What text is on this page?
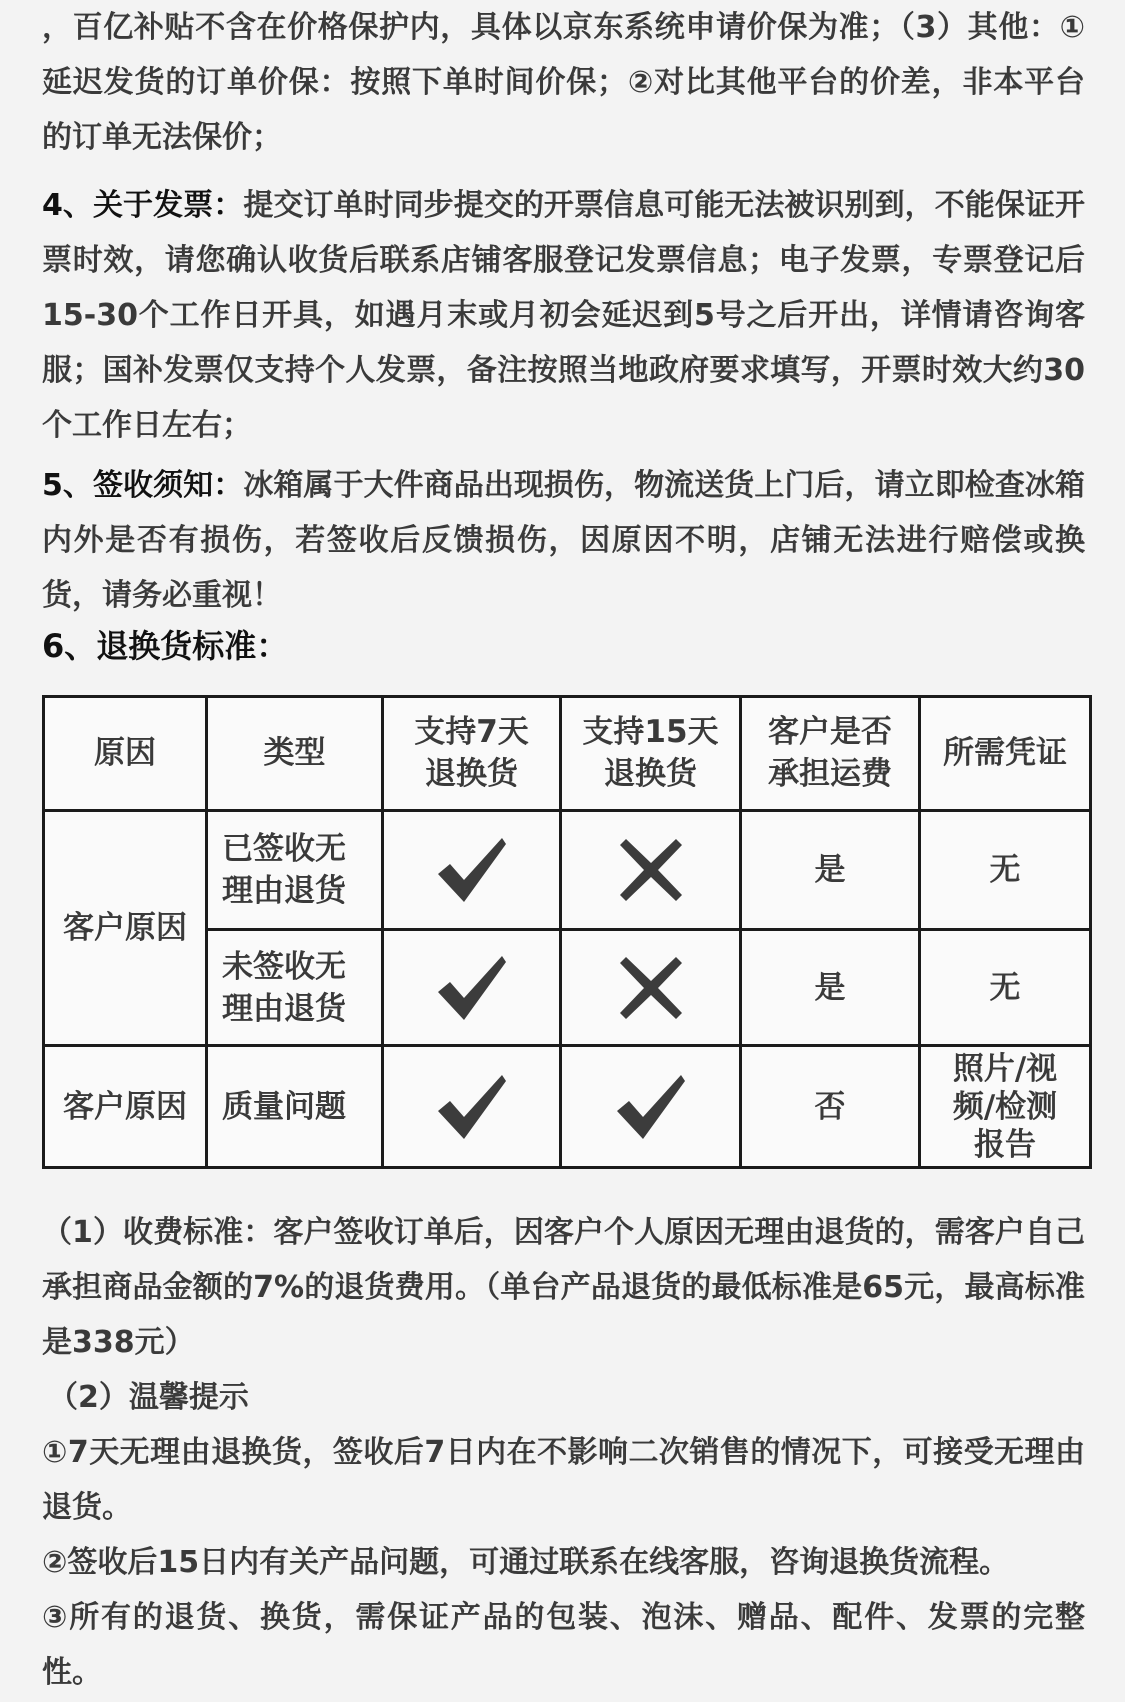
，百亿补贴不含在价格保护内，具体以京东系统申请价保为准；（3）其他：①延迟发货的订单价保：按照下单时间价保；②对比其他平台的价差，非本平台的订单无法保价；

4、关于发票：提交订单时同步提交的开票信息可能无法被识别到，不能保证开票时效，请您确认收货后联系店铺客服登记发票信息；电子发票，专票登记后15-30个工作日开具，如遇月末或月初会延迟到5号之后开出，详情请咨询客服；国补发票仅支持个人发票，备注按照当地政府要求填写，开票时效大约30个工作日左右；

5、签收须知：冰箱属于大件商品出现损伤，物流送货上门后，请立即检查冰箱内外是否有损伤，若签收后反馈损伤，因原因不明，店铺无法进行赔偿或换货，请务必重视！

6、退换货标准：
原因	类型	支持7天退换货	支持15天退换货	客户是否承担运费	所需凭证
客户原因	已签收无理由退货			是	无
	未签收无理由退货			是	无
客户原因	质量问题			否	照片/视频/检测报告

（1）收费标准：客户签收订单后，因客户个人原因无理由退货的，需客户自己承担商品金额的7%的退货费用。（单台产品退货的最低标准是65元，最高标准是338元）

（2）温馨提示

①7天无理由退换货，签收后7日内在不影响二次销售的情况下，可接受无理由退货。

②签收后15日内有关产品问题，可通过联系在线客服，咨询退换货流程。

③所有的退货、换货，需保证产品的包装、泡沫、赠品、配件、发票的完整性。
